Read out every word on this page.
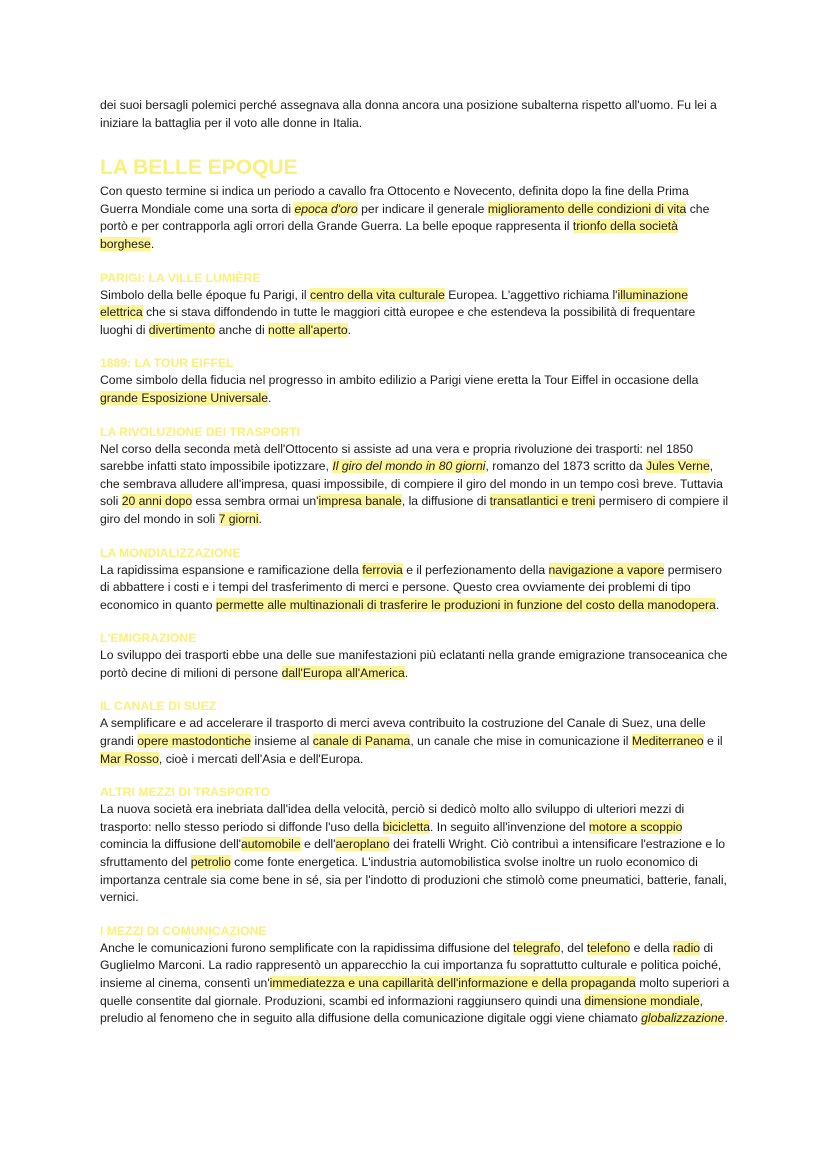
dei suoi bersagli polemici perché assegnava alla donna ancora una posizione subalterna rispetto all'uomo. Fu lei a iniziare la battaglia per il voto alle donne in Italia.

LA BELLE EPOQUE

Con questo termine si indica un periodo a cavallo fra Ottocento e Novecento, definita dopo la fine della Prima Guerra Mondiale come una sorta di epoca d'oro per indicare il generale miglioramento delle condizioni di vita che portò e per contrapporla agli orrori della Grande Guerra. La belle epoque rappresenta il trionfo della società borghese.

PARIGI: LA VILLE LUMIÈRE

Simbolo della belle époque fu Parigi, il centro della vita culturale Europea. L'aggettivo richiama l'illuminazione elettrica che si stava diffondendo in tutte le maggiori città europee e che estendeva la possibilità di frequentare luoghi di divertimento anche di notte all'aperto.

1889: LA TOUR EIFFEL

Come simbolo della fiducia nel progresso in ambito edilizio a Parigi viene eretta la Tour Eiffel in occasione della grande Esposizione Universale.

LA RIVOLUZIONE DEI TRASPORTI

Nel corso della seconda metà dell'Ottocento si assiste ad una vera e propria rivoluzione dei trasporti: nel 1850 sarebbe infatti stato impossibile ipotizzare, Il giro del mondo in 80 giorni, romanzo del 1873 scritto da Jules Verne, che sembrava alludere all'impresa, quasi impossibile, di compiere il giro del mondo in un tempo così breve. Tuttavia soli 20 anni dopo essa sembra ormai un'impresa banale, la diffusione di transatlantici e treni permisero di compiere il giro del mondo in soli 7 giorni.

LA MONDIALIZZAZIONE

La rapidissima espansione e ramificazione della ferrovia e il perfezionamento della navigazione a vapore permisero di abbattere i costi e i tempi del trasferimento di merci e persone. Questo crea ovviamente dei problemi di tipo economico in quanto permette alle multinazionali di trasferire le produzioni in funzione del costo della manodopera.

L'EMIGRAZIONE

Lo sviluppo dei trasporti ebbe una delle sue manifestazioni più eclatanti nella grande emigrazione transoceanica che portò decine di milioni di persone dall'Europa all'America.

IL CANALE DI SUEZ

A semplificare e ad accelerare il trasporto di merci aveva contribuito la costruzione del Canale di Suez, una delle grandi opere mastodontiche insieme al canale di Panama, un canale che mise in comunicazione il Mediterraneo e il Mar Rosso, cioè i mercati dell'Asia e dell'Europa.

ALTRI MEZZI DI TRASPORTO

La nuova società era inebriata dall'idea della velocità, perciò si dedicò molto allo sviluppo di ulteriori mezzi di trasporto: nello stesso periodo si diffonde l'uso della bicicletta. In seguito all'invenzione del motore a scoppio comincia la diffusione dell'automobile e dell'aeroplano dei fratelli Wright. Ciò contribuì a intensificare l'estrazione e lo sfruttamento del petrolio come fonte energetica. L'industria automobilistica svolse inoltre un ruolo economico di importanza centrale sia come bene in sé, sia per l'indotto di produzioni che stimolò come pneumatici, batterie, fanali, vernici.

I MEZZI DI COMUNICAZIONE

Anche le comunicazioni furono semplificate con la rapidissima diffusione del telegrafo, del telefono e della radio di Guglielmo Marconi. La radio rappresentò un apparecchio la cui importanza fu soprattutto culturale e politica poiché, insieme al cinema, consentì un'immediatezza e una capillarità dell'informazione e della propaganda molto superiori a quelle consentite dal giornale. Produzioni, scambi ed informazioni raggiunsero quindi una dimensione mondiale, preludio al fenomeno che in seguito alla diffusione della comunicazione digitale oggi viene chiamato globalizzazione.
